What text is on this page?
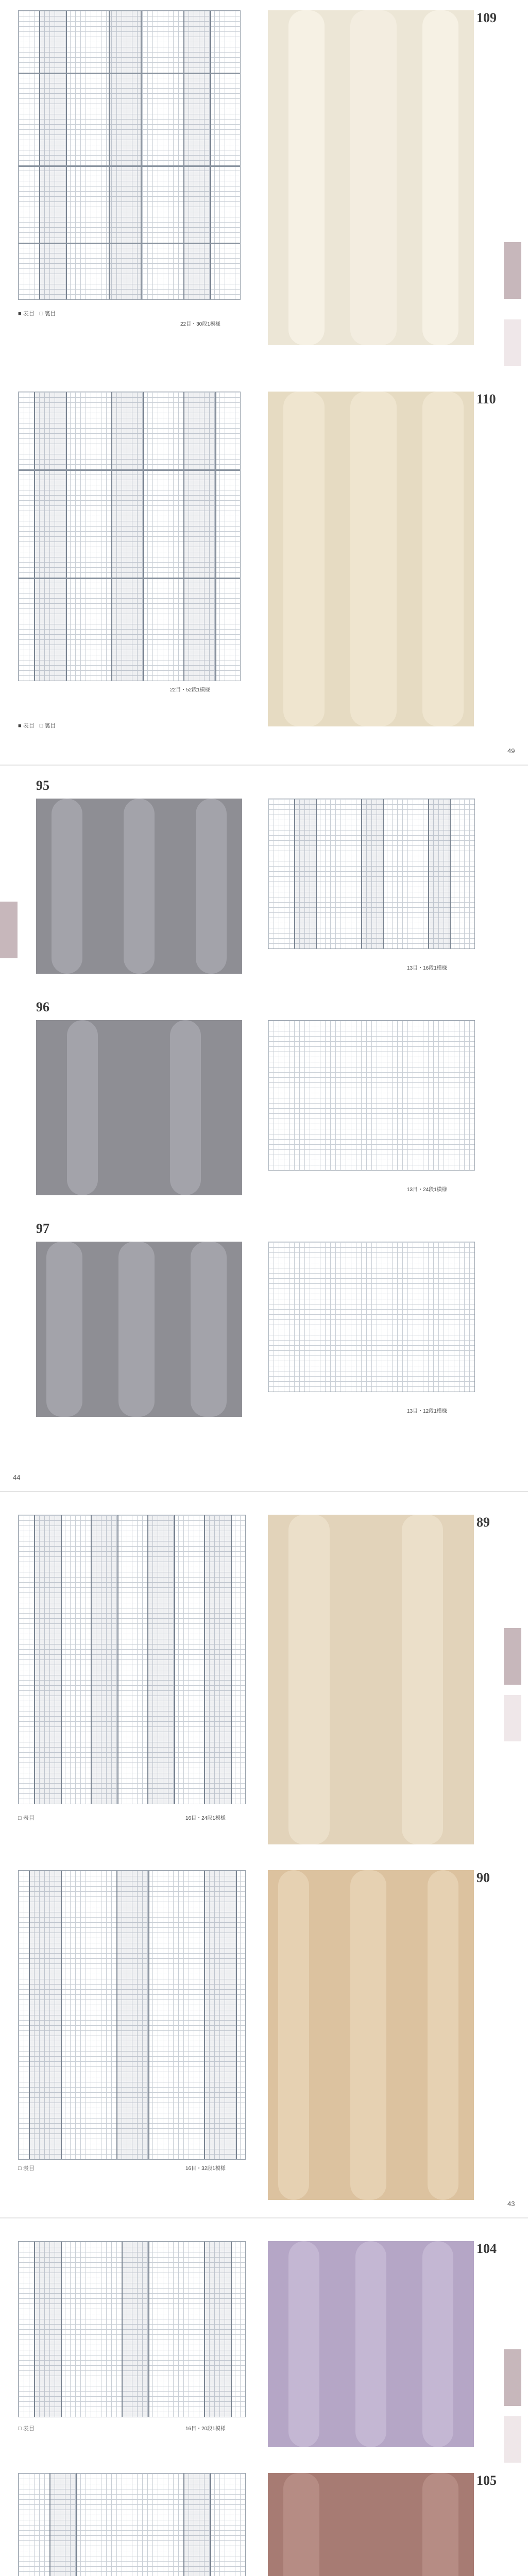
■ 表目 □ 裏目
22目・30段1模様
109
■ 表目 □ 裏目
22目・52段1模様
110
49
95
13目・16段1模様
96
13目・24段1模様
97
13目・12段1模様
44
□ 表目	16目・24段1模様
89
□ 表目	16目・32段1模様
90
43
□ 表目	16目・20段1模様
104
105
